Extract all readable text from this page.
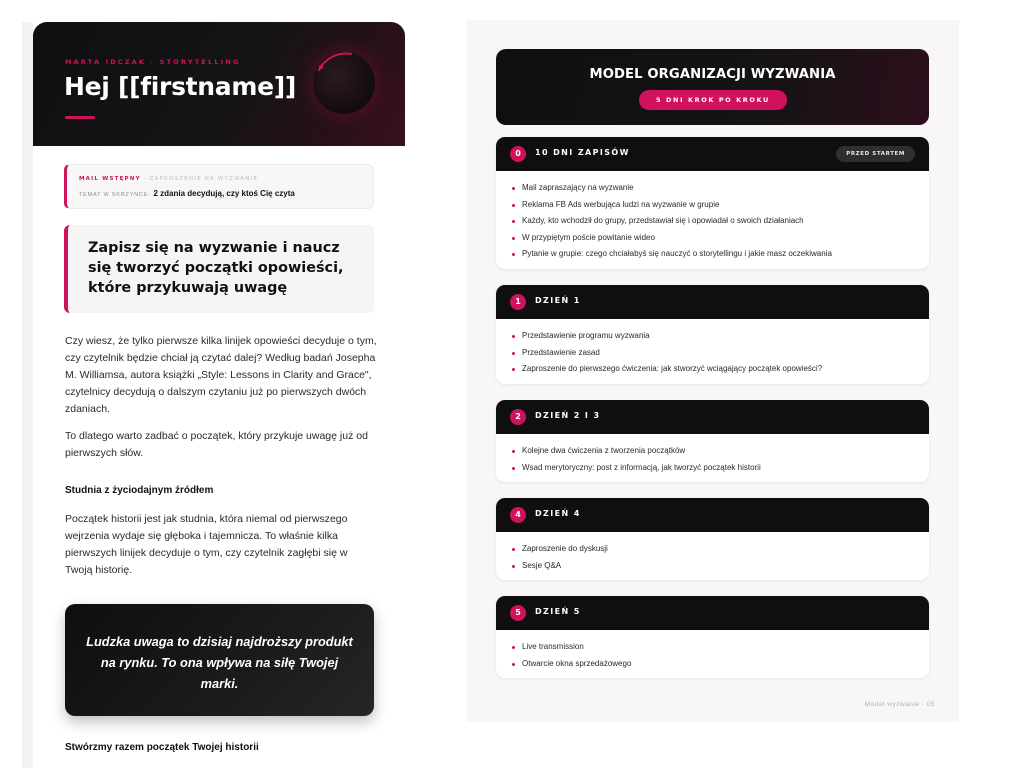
MARTA IDCZAK · STORYTELLING
Hej [[firstname]]
MAIL WSTĘPNY · ZAPROSZENIE NA WYZWANIE
TEMAT W SKRZYNCE: 2 zdania decydują, czy ktoś Cię czyta
Zapisz się na wyzwanie i naucz się tworzyć początki opowieści, które przykuwają uwagę
Czy wiesz, że tylko pierwsze kilka linijek opowieści decyduje o tym, czy czytelnik będzie chciał ją czytać dalej? Według badań Josepha M. Williamsa, autora książki „Style: Lessons in Clarity and Grace", czytelnicy decydują o dalszym czytaniu już po pierwszych dwóch zdaniach.
To dlatego warto zadbać o początek, który przykuje uwagę już od pierwszych słów.
Studnia z życiodajnym źródłem
Początek historii jest jak studnia, która niemal od pierwszego wejrzenia wydaje się głęboka i tajemnicza. To właśnie kilka pierwszych linijek decyduje o tym, czy czytelnik zagłębi się w Twoją historię.
Ludzka uwaga to dzisiaj najdroższy produkt na rynku. To ona wpływa na siłę Twojej marki.
Stwórzmy razem początek Twojej historii
MODEL ORGANIZACJI WYZWANIA
5 DNI KROK PO KROKU
0	10 DNI ZAPISÓW	PRZED STARTEM
Mail zapraszający na wyzwanie
Reklama FB Ads werbująca ludzi na wyzwanie w grupie
Każdy, kto wchodził do grupy, przedstawiał się i opowiadał o swoich działaniach
W przypiętym poście powitanie wideo
Pytanie w grupie: czego chciałabyś się nauczyć o storytellingu i jakie masz oczekiwania
1	DZIEŃ 1
Przedstawienie programu wyzwania
Przedstawienie zasad
Zaproszenie do pierwszego ćwiczenia: jak stworzyć wciągający początek opowieści?
2	DZIEŃ 2 I 3
Kolejne dwa ćwiczenia z tworzenia początków
Wsad merytoryczny: post z informacją, jak tworzyć początek historii
4	DZIEŃ 4
Zaproszenie do dyskusji
Sesje Q&A
5	DZIEŃ 5
Live transmission
Otwarcie okna sprzedażowego
Model wyzwanie · 05
